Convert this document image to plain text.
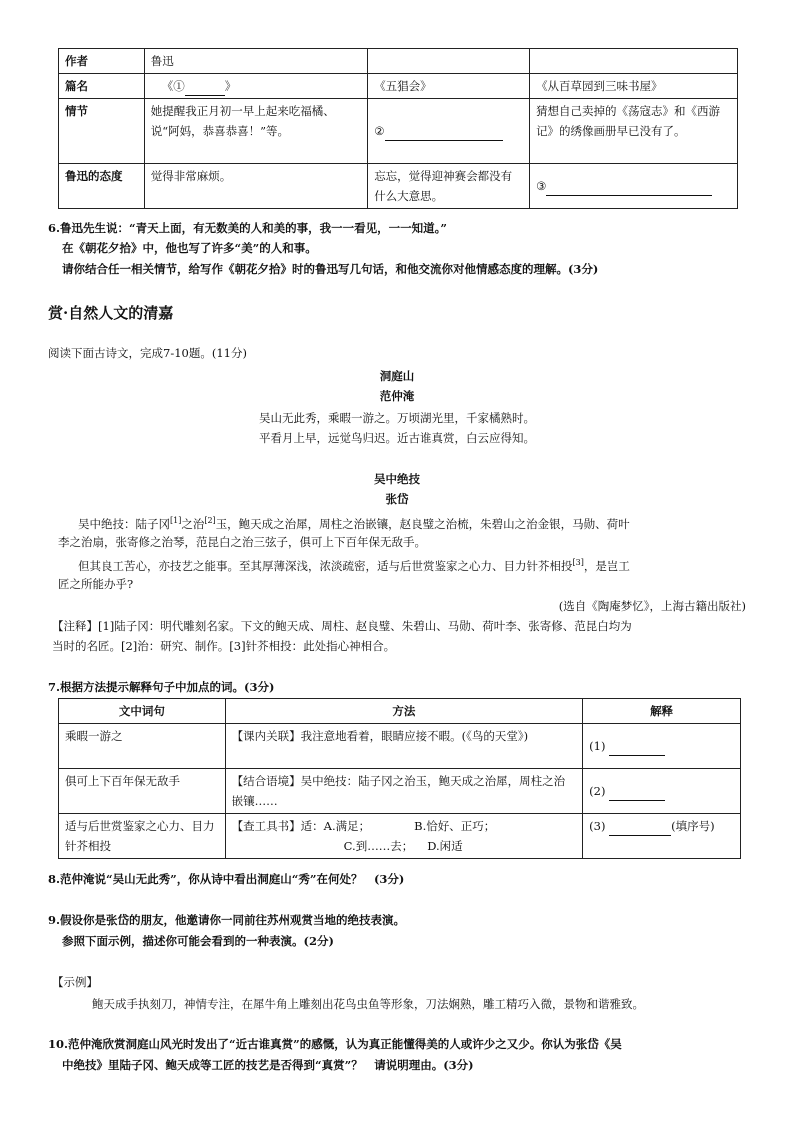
作者	鲁迅		
篇名	《① 》	《五猖会》	《从百草园到三味书屋》
情节	她提醒我正月初一早上起来吃福橘、说“阿妈，恭喜恭喜！”等。	②	猜想自己卖掉的《荡寇志》和《西游记》的绣像画册早已没有了。
鲁迅的态度	觉得非常麻烦。	忘忘，觉得迎神赛会都没有什么大意思。	③
6.鲁迅先生说：“青天上面，有无数美的人和美的事，我一一看见，一一知道。”
在《朝花夕拾》中，他也写了许多“美”的人和事。
请你结合任一相关情节，给写作《朝花夕拾》时的鲁迅写几句话，和他交流你对他情感态度的理解。(3分)
赏·自然人文的清嘉
阅读下面古诗文，完成7-10题。(11分)
洞庭山
范仲淹
吴山无此秀，乘暇一游之。万顷湖光里，千家橘熟时。
平看月上早，远觉鸟归迟。近古谁真赏，白云应得知。
吴中绝技
张岱
吴中绝技：陆子冈[1]之治[2]玉，鲍天成之治犀，周柱之治嵌镶，赵良璧之治梳，朱碧山之治金银，马勋、荷叶
李之治扇，张寄修之治琴，范昆白之治三弦子，俱可上下百年保无敌手。
但其良工苦心，亦技艺之能事。至其厚薄深浅，浓淡疏密，适与后世赏鉴家之心力、目力针芥相投[3]，是岂工
匠之所能办乎?
(选自《陶庵梦忆》，上海古籍出版社)
【注释】[1]陆子冈：明代雕刻名家。下文的鲍天成、周柱、赵良璧、朱碧山、马勋、荷叶李、张寄修、范昆白均为
当时的名匠。[2]治：研究、制作。[3]针芥相投：此处指心神相合。
7.根据方法提示解释句子中加点的词。(3分)
文中词句	方法	解释
乘暇一游之	【课内关联】我注意地看着，眼睛应接不暇。(《鸟的天堂》)	(1)
俱可上下百年保无敌手	【结合语境】吴中绝技：陆子冈之治玉，鲍天成之治犀，周柱之治嵌镶……	(2)
适与后世赏鉴家之心力、目力针芥相投	【查工具书】适：A.满足； B.恰好、正巧；
C.到……去； D.闲适	(3) (填序号)
8.范仲淹说“吴山无此秀”，你从诗中看出洞庭山“秀”在何处？　(3分)
9.假设你是张岱的朋友，他邀请你一同前往苏州观赏当地的绝技表演。
参照下面示例，描述你可能会看到的一种表演。(2分)
【示例】
鲍天成手执刻刀，神情专注，在犀牛角上雕刻出花鸟虫鱼等形象，刀法娴熟，雕工精巧入微，景物和谐雅致。
10.范仲淹欣赏洞庭山风光时发出了“近古谁真赏”的感慨，认为真正能懂得美的人或许少之又少。你认为张岱《吴
中绝技》里陆子冈、鲍天成等工匠的技艺是否得到“真赏”？　请说明理由。(3分)
